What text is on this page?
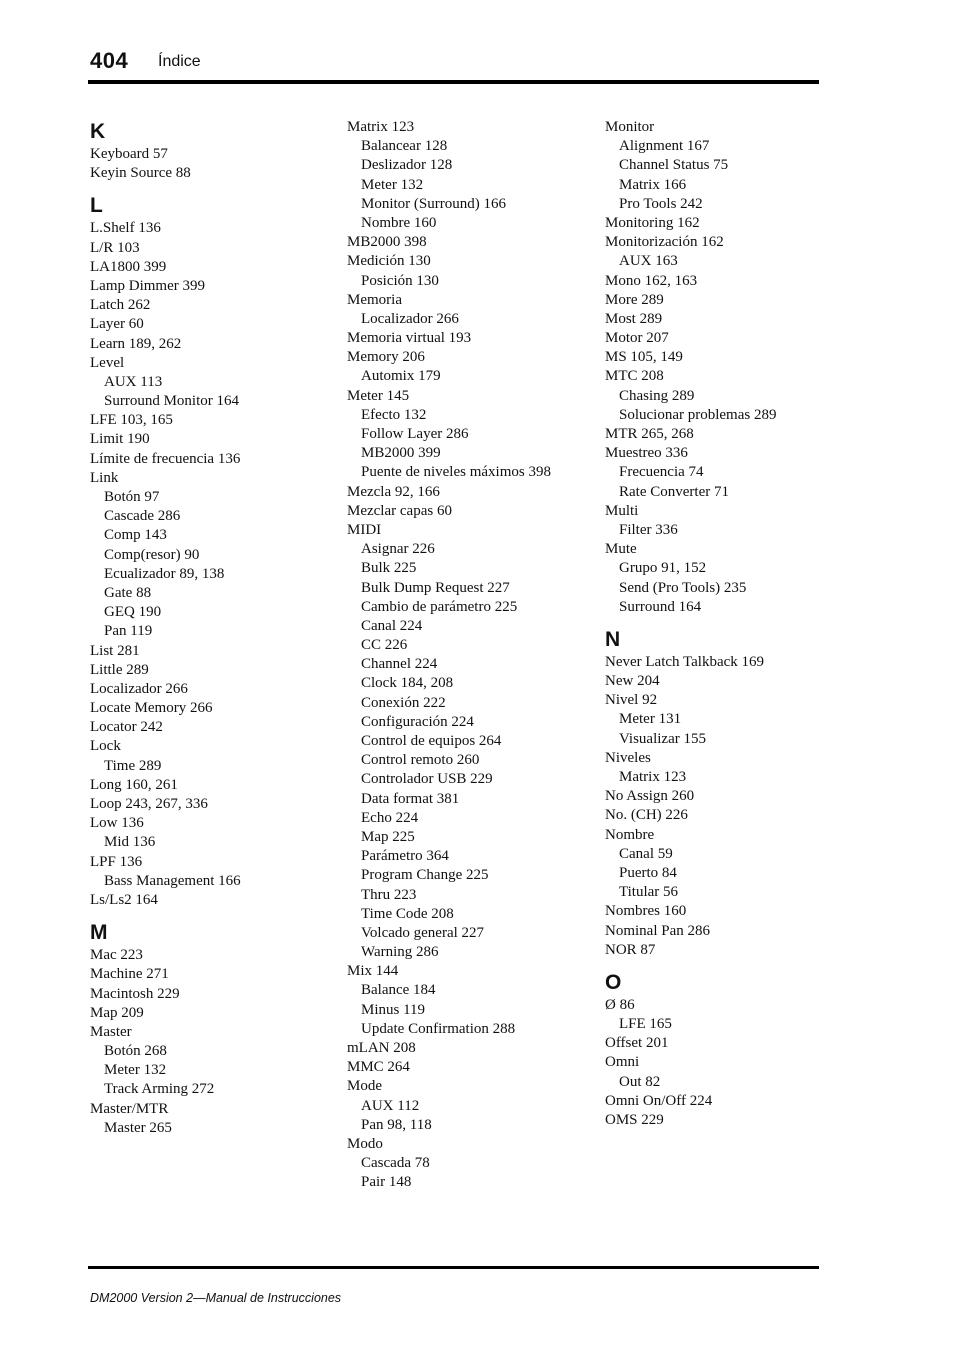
404 Índice
K
Keyboard 57
Keyin Source 88
L
L.Shelf 136
L/R 103
LA1800 399
Lamp Dimmer 399
Latch 262
Layer 60
Learn 189, 262
Level
AUX 113
Surround Monitor 164
LFE 103, 165
Limit 190
Límite de frecuencia 136
Link
Botón 97
Cascade 286
Comp 143
Comp(resor) 90
Ecualizador 89, 138
Gate 88
GEQ 190
Pan 119
List 281
Little 289
Localizador 266
Locate Memory 266
Locator 242
Lock
Time 289
Long 160, 261
Loop 243, 267, 336
Low 136
Mid 136
LPF 136
Bass Management 166
Ls/Ls2 164
M
Mac 223
Machine 271
Macintosh 229
Map 209
Master
Botón 268
Meter 132
Track Arming 272
Master/MTR
Master 265
Matrix 123
Balancear 128
Deslizador 128
Meter 132
Monitor (Surround) 166
Nombre 160
MB2000 398
Medición 130
Posición 130
Memoria
Localizador 266
Memoria virtual 193
Memory 206
Automix 179
Meter 145
Efecto 132
Follow Layer 286
MB2000 399
Puente de niveles máximos 398
Mezcla 92, 166
Mezclar capas 60
MIDI
Asignar 226
Bulk 225
Bulk Dump Request 227
Cambio de parámetro 225
Canal 224
CC 226
Channel 224
Clock 184, 208
Conexión 222
Configuración 224
Control de equipos 264
Control remoto 260
Controlador USB 229
Data format 381
Echo 224
Map 225
Parámetro 364
Program Change 225
Thru 223
Time Code 208
Volcado general 227
Warning 286
Mix 144
Balance 184
Minus 119
Update Confirmation 288
mLAN 208
MMC 264
Mode
AUX 112
Pan 98, 118
Modo
Cascada 78
Pair 148
Monitor
Alignment 167
Channel Status 75
Matrix 166
Pro Tools 242
Monitoring 162
Monitorización 162
AUX 163
Mono 162, 163
More 289
Most 289
Motor 207
MS 105, 149
MTC 208
Chasing 289
Solucionar problemas 289
MTR 265, 268
Muestreo 336
Frecuencia 74
Rate Converter 71
Multi
Filter 336
Mute
Grupo 91, 152
Send (Pro Tools) 235
Surround 164
N
Never Latch Talkback 169
New 204
Nivel 92
Meter 131
Visualizar 155
Niveles
Matrix 123
No Assign 260
No. (CH) 226
Nombre
Canal 59
Puerto 84
Titular 56
Nombres 160
Nominal Pan 286
NOR 87
O
Ø 86
LFE 165
Offset 201
Omni
Out 82
Omni On/Off 224
OMS 229
DM2000 Version 2—Manual de Instrucciones
